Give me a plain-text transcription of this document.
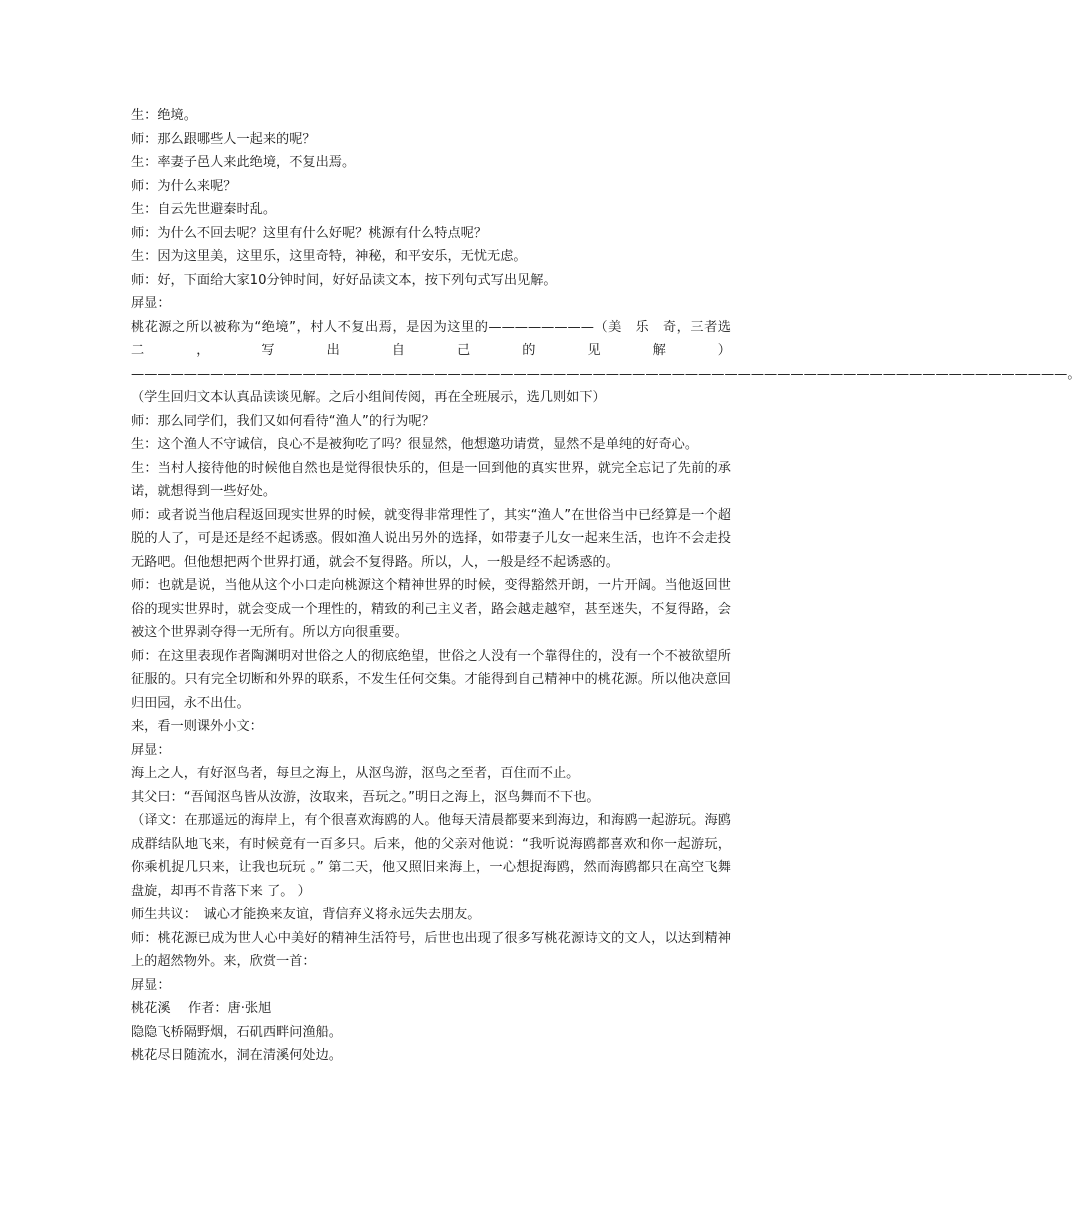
生：绝境。

师：那么跟哪些人一起来的呢？

生：率妻子邑人来此绝境，不复出焉。

师：为什么来呢？

生：自云先世避秦时乱。

师：为什么不回去呢？这里有什么好呢？桃源有什么特点呢？

生：因为这里美，这里乐，这里奇特，神秘，和平安乐，无忧无虑。

师：好，下面给大家10分钟时间，好好品读文本，按下列句式写出见解。

屏显：

桃花源之所以被称为“绝境”，村人不复出焉，是因为这里的————————（美　乐　奇，三者选二，写出自己的见解）———————————————————————————————————————————————————————————————————————。

（学生回归文本认真品读谈见解。之后小组间传阅，再在全班展示，选几则如下）

师：那么同学们，我们又如何看待“渔人”的行为呢？

生：这个渔人不守诚信，良心不是被狗吃了吗？很显然，他想邀功请赏，显然不是单纯的好奇心。

生：当村人接待他的时候他自然也是觉得很快乐的，但是一回到他的真实世界，就完全忘记了先前的承诺，就想得到一些好处。

师：或者说当他启程返回现实世界的时候，就变得非常理性了，其实“渔人”在世俗当中已经算是一个超脱的人了，可是还是经不起诱惑。假如渔人说出另外的选择，如带妻子儿女一起来生活，也许不会走投无路吧。但他想把两个世界打通，就会不复得路。所以，人，一般是经不起诱惑的。

师：也就是说，当他从这个小口走向桃源这个精神世界的时候，变得豁然开朗，一片开阔。当他返回世俗的现实世界时，就会变成一个理性的，精致的利己主义者，路会越走越窄，甚至迷失，不复得路，会被这个世界剥夺得一无所有。所以方向很重要。

师：在这里表现作者陶渊明对世俗之人的彻底绝望，世俗之人没有一个靠得住的，没有一个不被欲望所征服的。只有完全切断和外界的联系，不发生任何交集。才能得到自己精神中的桃花源。所以他决意回归田园，永不出仕。

来，看一则课外小文：

屏显：

海上之人，有好沤鸟者，每旦之海上，从沤鸟游，沤鸟之至者，百住而不止。

其父曰：“吾闻沤鸟皆从汝游，汝取来，吾玩之。”明日之海上，沤鸟舞而不下也。

（译文：在那遥远的海岸上，有个很喜欢海鸥的人。他每天清晨都要来到海边，和海鸥一起游玩。海鸥成群结队地飞来，有时候竟有一百多只。后来，他的父亲对他说：“我听说海鸥都喜欢和你一起游玩，你乘机捉几只来，让我也玩玩 。” 第二天，他又照旧来海上，一心想捉海鸥，然而海鸥都只在高空飞舞盘旋，却再不肯落下来 了。 ）

师生共议：　诚心才能换来友谊，背信弃义将永远失去朋友。

师：桃花源已成为世人心中美好的精神生活符号，后世也出现了很多写桃花源诗文的文人，以达到精神上的超然物外。来，欣赏一首：

屏显：

桃花溪　 作者：唐·张旭

隐隐飞桥隔野烟，石矶西畔问渔船。

桃花尽日随流水，洞在清溪何处边。
